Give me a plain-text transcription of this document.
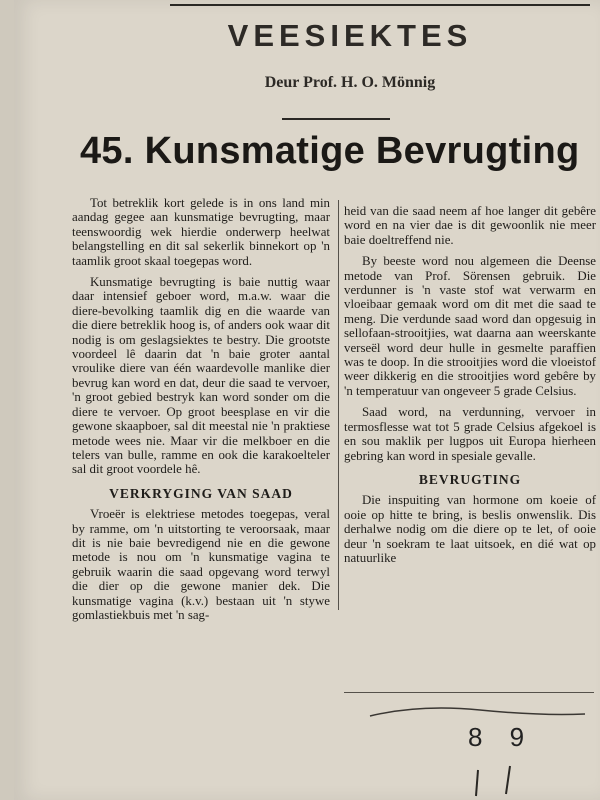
VEESIEKTES
Deur Prof. H. O. Mönnig
45. Kunsmatige Bevrugting

Tot betreklik kort gelede is in ons land min aandag gegee aan kunsmatige bevrugting, maar teenswoordig wek hierdie onderwerp heelwat belangstelling en dit sal sekerlik binnekort op 'n taamlik groot skaal toegepas word.

Kunsmatige bevrugting is baie nuttig waar daar intensief geboer word, m.a.w. waar die diere-bevolking taamlik dig en die waarde van die diere betreklik hoog is, of anders ook waar dit nodig is om geslagsiektes te bestry. Die grootste voordeel lê daarin dat 'n baie groter aantal vroulike diere van één waardevolle manlike dier bevrug kan word en dat, deur die saad te vervoer, 'n groot gebied bestryk kan word sonder om die diere te vervoer. Op groot beesplase en vir die gewone skaapboer, sal dit meestal nie 'n praktiese metode wees nie. Maar vir die melkboer en die telers van bulle, ramme en ook die karakoelteler sal dit groot voordele hê.

VERKRYGING VAN SAAD

Vroeër is elektriese metodes toegepas, veral by ramme, om 'n uitstorting te veroorsaak, maar dit is nie baie bevredigend nie en die gewone metode is nou om 'n kunsmatige vagina te gebruik waarin die saad opgevang word terwyl die dier op die gewone manier dek. Die kunsmatige vagina (k.v.) bestaan uit 'n stywe gomlastiekbuis met 'n sag-

heid van die saad neem af hoe langer dit gebêre word en na vier dae is dit gewoonlik nie meer baie doeltreffend nie.

By beeste word nou algemeen die Deense metode van Prof. Sörensen gebruik. Die verdunner is 'n vaste stof wat verwarm en vloeibaar gemaak word om dit met die saad te meng. Die verdunde saad word dan opgesuig in sellofaan-strooitjies, wat daarna aan weerskante verseël word deur hulle in gesmelte paraffien was te doop. In die strooitjies word die vloeistof weer dikkerig en die strooitjies word gebêre by 'n temperatuur van ongeveer 5 grade Celsius.

Saad word, na verdunning, vervoer in termosflesse wat tot 5 grade Celsius afgekoel is en sou maklik per lugpos uit Europa hierheen gebring kan word in spesiale gevalle.

BEVRUGTING

Die inspuiting van hormone om koeie of ooie op hitte te bring, is beslis onwenslik. Dis derhalwe nodig om die diere op te let, of ooie deur 'n soekram te laat uitsoek, en dié wat op natuurlike

8 9
